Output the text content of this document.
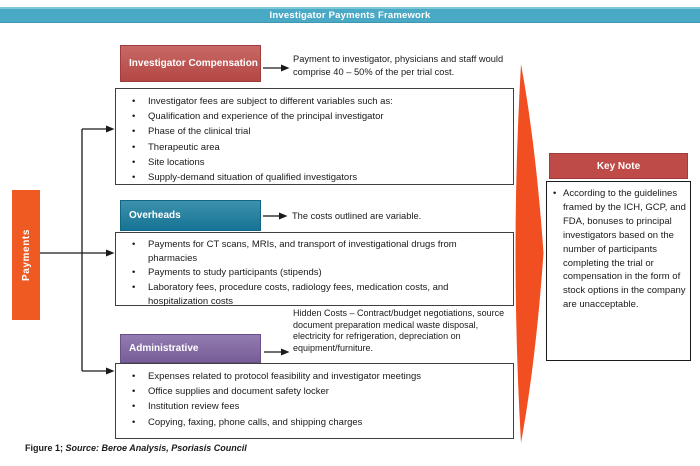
Investigator Payments Framework
Payments
Investigator Compensation	Payment to investigator, physicians and staff would comprise 40 – 50% of the per trial cost.
• Investigator fees are subject to different variables such as:
• Qualification and experience of the principal investigator
• Phase of the clinical trial
• Therapeutic area
• Site locations
• Supply-demand situation of qualified investigators
Overheads	The costs outlined are variable.
• Payments for CT scans, MRIs, and transport of investigational drugs from pharmacies
• Payments to study participants (stipends)
• Laboratory fees, procedure costs, radiology fees, medication costs, and hospitalization costs
Hidden Costs – Contract/budget negotiations, source document preparation medical waste disposal, electricity for refrigeration, depreciation on equipment/furniture.
Administrative
• Expenses related to protocol feasibility and investigator meetings
• Office supplies and document safety locker
• Institution review fees
• Copying, faxing, phone calls, and shipping charges
Key Note
• According to the guidelines framed by the ICH, GCP, and FDA, bonuses to principal investigators based on the number of participants completing the trial or compensation in the form of stock options in the company are unacceptable.
Figure 1; Source: Beroe Analysis, Psoriasis Council
